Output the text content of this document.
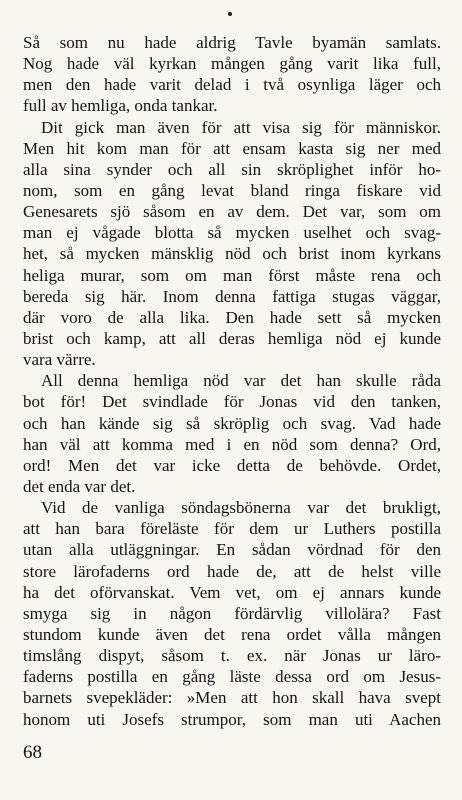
Så som nu hade aldrig Tavle byamän samlats.
Nog hade väl kyrkan mången gång varit lika full,
men den hade varit delad i två osynliga läger och
full av hemliga, onda tankar.
Dit gick man även för att visa sig för människor.
Men hit kom man för att ensam kasta sig ner med
alla sina synder och all sin skröplighet inför ho-
nom, som en gång levat bland ringa fiskare vid
Genesarets sjö såsom en av dem. Det var, som om
man ej vågade blotta så mycken uselhet och svag-
het, så mycken mänsklig nöd och brist inom kyrkans
heliga murar, som om man först måste rena och
bereda sig här. Inom denna fattiga stugas väggar,
där voro de alla lika. Den hade sett så mycken
brist och kamp, att all deras hemliga nöd ej kunde
vara värre.
All denna hemliga nöd var det han skulle råda
bot för! Det svindlade för Jonas vid den tanken,
och han kände sig så skröplig och svag. Vad hade
han väl att komma med i en nöd som denna? Ord,
ord! Men det var icke detta de behövde. Ordet,
det enda var det.
Vid de vanliga söndagsbönerna var det brukligt,
att han bara föreläste för dem ur Luthers postilla
utan alla utläggningar. En sådan vördnad för den
store lärofaderns ord hade de, att de helst ville
ha det oförvanskat. Vem vet, om ej annars kunde
smyga sig in någon fördärvlig villolära? Fast
stundom kunde även det rena ordet vålla mången
timslång dispyt, såsom t. ex. när Jonas ur läro-
faderns postilla en gång läste dessa ord om Jesus-
barnets svepekläder: »Men att hon skall hava svept
honom uti Josefs strumpor, som man uti Aachen
68
